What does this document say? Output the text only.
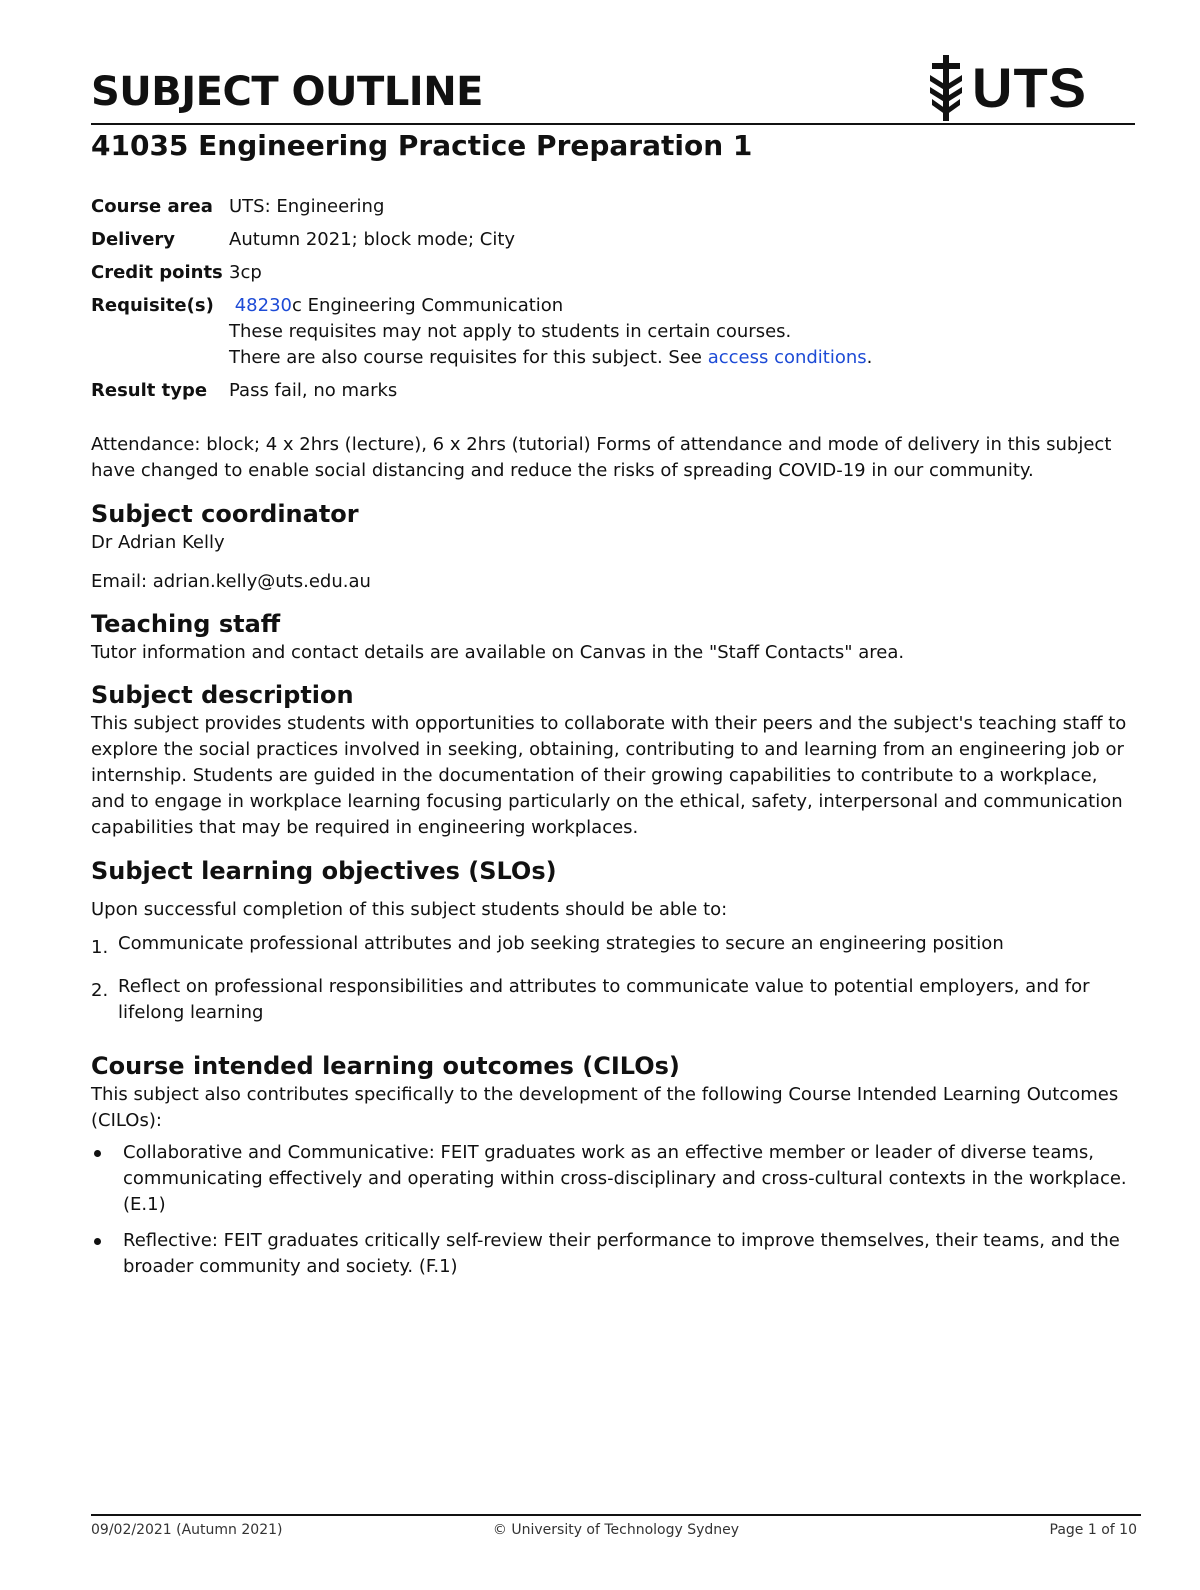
SUBJECT OUTLINE	UTS
41035 Engineering Practice Preparation 1
Course area UTS: Engineering
Delivery	Autumn 2021; block mode; City
Credit points 3cp
Requisite(s)	48230c Engineering Communication
These requisites may not apply to students in certain courses.
There are also course requisites for this subject. See access conditions.
Result type	Pass fail, no marks

Attendance: block; 4 x 2hrs (lecture), 6 x 2hrs (tutorial) Forms of attendance and mode of delivery in this subject have changed to enable social distancing and reduce the risks of spreading COVID-19 in our community.

Subject coordinator

Dr Adrian Kelly

Email: adrian.kelly@uts.edu.au

Teaching staff

Tutor information and contact details are available on Canvas in the "Staff Contacts" area.

Subject description

This subject provides students with opportunities to collaborate with their peers and the subject's teaching staff to explore the social practices involved in seeking, obtaining, contributing to and learning from an engineering job or internship. Students are guided in the documentation of their growing capabilities to contribute to a workplace, and to engage in workplace learning focusing particularly on the ethical, safety, interpersonal and communication capabilities that may be required in engineering workplaces.

Subject learning objectives (SLOs)

Upon successful completion of this subject students should be able to:

1. Communicate professional attributes and job seeking strategies to secure an engineering position
2. Reflect on professional responsibilities and attributes to communicate value to potential employers, and for lifelong learning
Course intended learning outcomes (CILOs)

This subject also contributes specifically to the development of the following Course Intended Learning Outcomes (CILOs):

Collaborative and Communicative: FEIT graduates work as an effective member or leader of diverse teams, communicating effectively and operating within cross-disciplinary and cross-cultural contexts in the workplace. (E.1)
Reflective: FEIT graduates critically self-review their performance to improve themselves, their teams, and the broader community and society. (F.1)
09/02/2021 (Autumn 2021)	© University of Technology Sydney	Page 1 of 10
